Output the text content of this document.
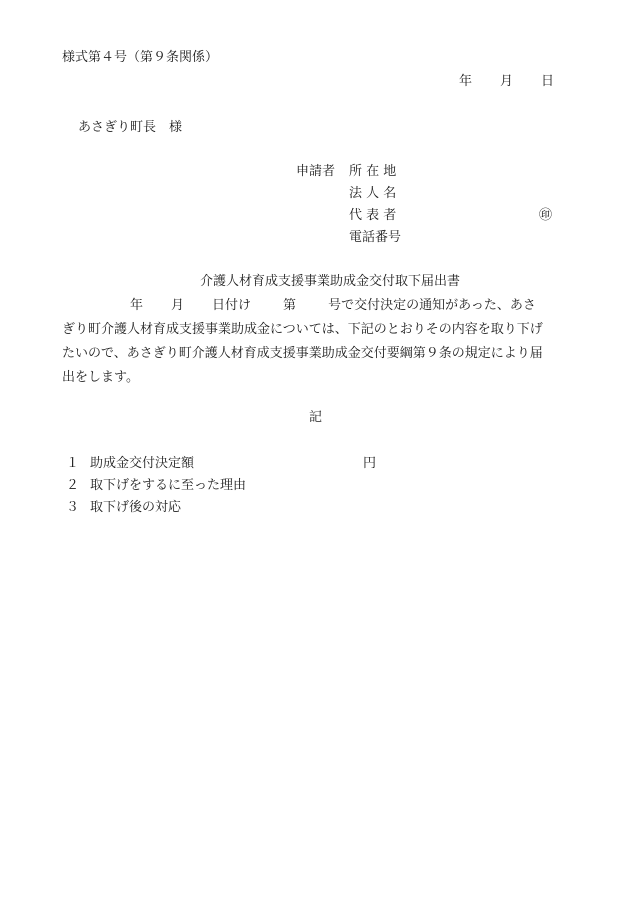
様式第４号（第９条関係）
年 月 日
あさぎり町長　様
申請者 所 在 地
法 人 名
代 表 者
電話番号
㊞
介護人材育成支援事業助成金交付取下届出書
年 月 日付け 第 号で交付決定の通知があった、あさ
ぎり町介護人材育成支援事業助成金については、下記のとおりその内容を取り下げ
たいので、あさぎり町介護人材育成支援事業助成金交付要綱第９条の規定により届
出をします。
記
１ 助成金交付決定額	円
２ 取下げをするに至った理由
３ 取下げ後の対応
